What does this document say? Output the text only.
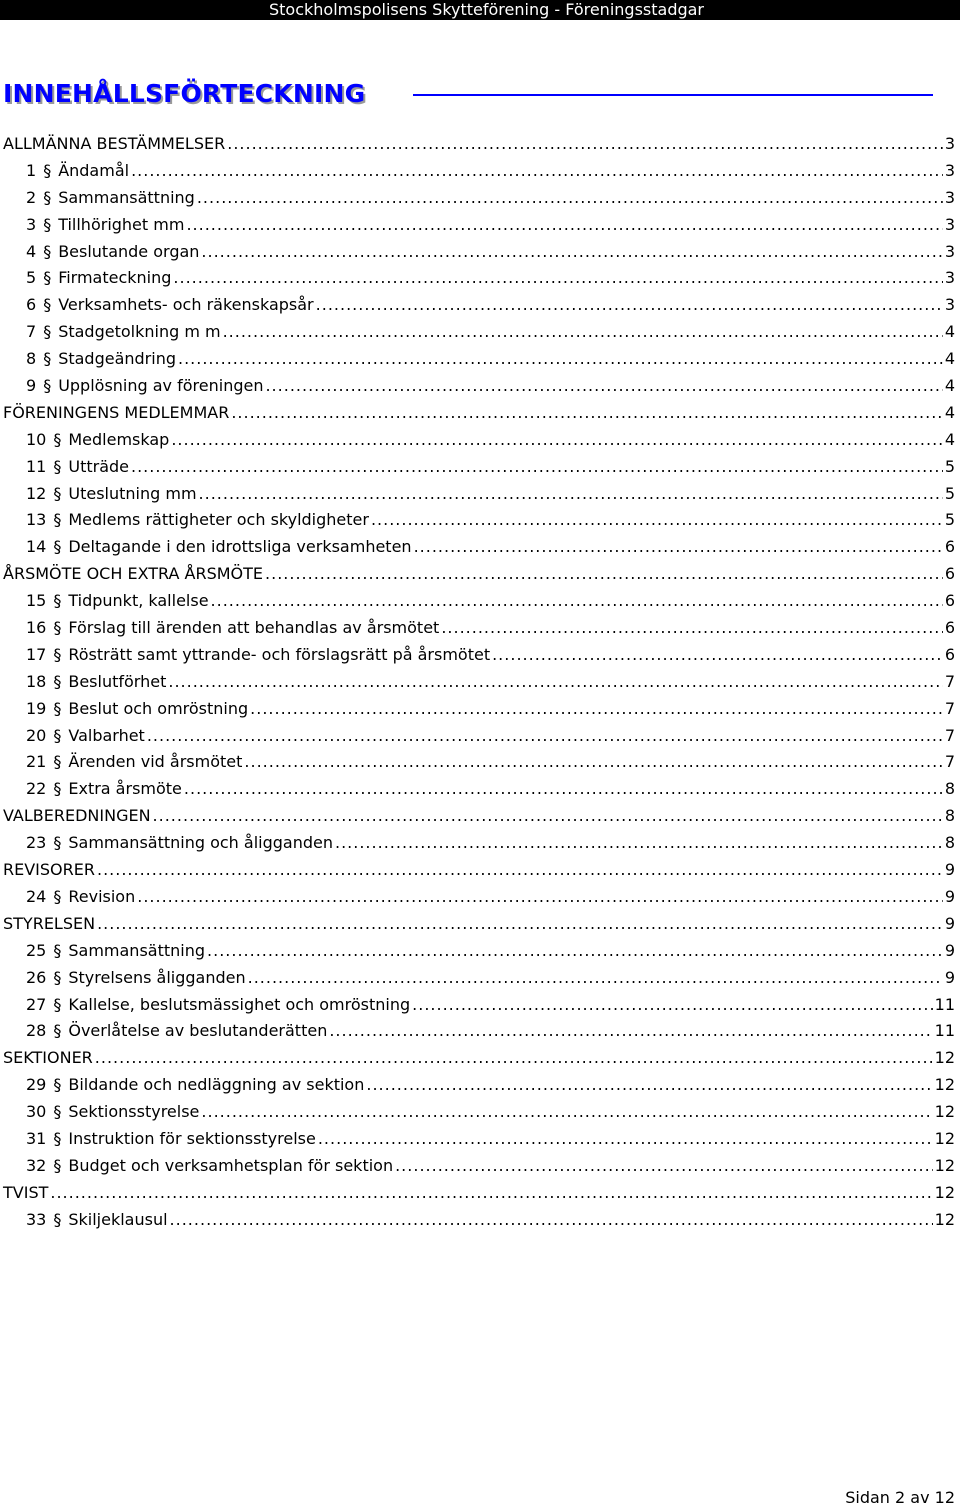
Stockholmspolisens Skytteförening - Föreningsstadgar
INNEHÅLLSFÖRTECKNING
ALLMÄNNA BESTÄMMELSER .....	3
1 § Ändamål .....	3
2 § Sammansättning .....	3
3 § Tillhörighet mm .....	3
4 § Beslutande organ .....	3
5 § Firmateckning .....	3
6 § Verksamhets- och räkenskapsår .....	3
7 § Stadgetolkning m m .....	4
8 § Stadgeändring .....	4
9 § Upplösning av föreningen .....	4
FÖRENINGENS MEDLEMMAR .....	4
10 § Medlemskap .....	4
11 § Utträde .....	5
12 § Uteslutning mm .....	5
13 § Medlems rättigheter och skyldigheter .....	5
14 § Deltagande i den idrottsliga verksamheten .....	6
ÅRSMÖTE OCH EXTRA ÅRSMÖTE .....	6
15 § Tidpunkt, kallelse .....	6
16 § Förslag till ärenden att behandlas av årsmötet .....	6
17 § Rösträtt samt yttrande- och förslagsrätt på årsmötet .....	6
18 § Beslutförhet .....	7
19 § Beslut och omröstning .....	7
20 § Valbarhet .....	7
21 § Ärenden vid årsmötet .....	7
22 § Extra årsmöte .....	8
VALBEREDNINGEN .....	8
23 § Sammansättning och åligganden .....	8
REVISORER .....	9
24 § Revision .....	9
STYRELSEN .....	9
25 § Sammansättning .....	9
26 § Styrelsens åligganden .....	9
27 § Kallelse, beslutsmässighet och omröstning .....	11
28 § Överlåtelse av beslutanderätten .....	11
SEKTIONER .....	12
29 § Bildande och nedläggning av sektion .....	12
30 § Sektionsstyrelse .....	12
31 § Instruktion för sektionsstyrelse .....	12
32 § Budget och verksamhetsplan för sektion .....	12
TVIST .....	12
33 § Skiljeklausul .....	12
Sidan 2 av 12
